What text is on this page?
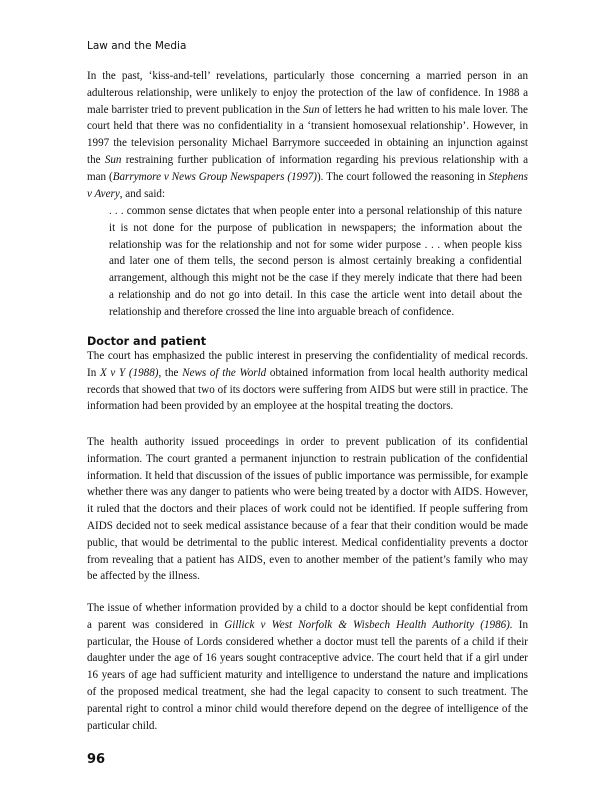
Law and the Media

In the past, ‘kiss-and-tell’ revelations, particularly those concerning a married person in an adulterous relationship, were unlikely to enjoy the protection of the law of confidence. In 1988 a male barrister tried to prevent publication in the Sun of letters he had written to his male lover. The court held that there was no confidentiality in a ‘transient homosexual relationship’. However, in 1997 the television personality Michael Barrymore succeeded in obtaining an injunction against the Sun restraining further publication of information regarding his previous relationship with a man (Barrymore v News Group Newspapers (1997)). The court followed the reasoning in Stephens v Avery, and said:

. . . common sense dictates that when people enter into a personal relationship of this nature it is not done for the purpose of publication in newspapers; the information about the relationship was for the relationship and not for some wider purpose . . . when people kiss and later one of them tells, the second person is almost certainly breaking a confidential arrangement, although this might not be the case if they merely indicate that there had been a relationship and do not go into detail. In this case the article went into detail about the relationship and therefore crossed the line into arguable breach of confidence.

Doctor and patient

The court has emphasized the public interest in preserving the confidentiality of medical records. In X v Y (1988), the News of the World obtained information from local health authority medical records that showed that two of its doctors were suffering from AIDS but were still in practice. The information had been provided by an employee at the hospital treating the doctors.

The health authority issued proceedings in order to prevent publication of its confidential information. The court granted a permanent injunction to restrain publication of the confidential information. It held that discussion of the issues of public importance was permissible, for example whether there was any danger to patients who were being treated by a doctor with AIDS. However, it ruled that the doctors and their places of work could not be identified. If people suffering from AIDS decided not to seek medical assistance because of a fear that their condition would be made public, that would be detrimental to the public interest. Medical confidentiality prevents a doctor from revealing that a patient has AIDS, even to another member of the patient’s family who may be affected by the illness.

The issue of whether information provided by a child to a doctor should be kept confidential from a parent was considered in Gillick v West Norfolk & Wisbech Health Authority (1986). In particular, the House of Lords considered whether a doctor must tell the parents of a child if their daughter under the age of 16 years sought contraceptive advice. The court held that if a girl under 16 years of age had sufficient maturity and intelligence to understand the nature and implications of the proposed medical treatment, she had the legal capacity to consent to such treatment. The parental right to control a minor child would therefore depend on the degree of intelligence of the particular child.

96
